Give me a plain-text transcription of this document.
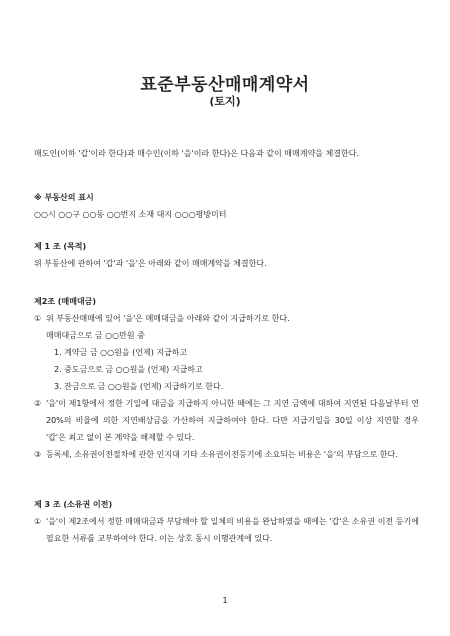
표준부동산매매계약서
(토지)
매도인(이하 '갑'이라 한다)과 매수인(이하 '을'이라 한다)은 다음과 같이 매매계약을 체결한다.
※ 부동산의 표시
○○시 ○○구 ○○동 ○○번지 소재 대지 ○○○평방미터
제 1 조 (목적)
위 부동산에 관하여 '갑'과 '을'은 아래와 같이 매매계약을 체결한다.
제2조 (매매대금)
① 위 부동산매매에 있어 '을'은 매매대금을 아래와 같이 지급하기로 한다.
매매대금으로 금 ○○만원 중
1. 계약금 금 ○○원을 (언제) 지급하고
2. 중도금으로 금 ○○원을 (언제) 지급하고
3. 잔금으로 금 ○○원을 (언제) 지급하기로 한다.
② '을'이 제1항에서 정한 기일에 대금을 지급하지 아니한 때에는 그 지연 금액에 대하여 지연된 다음날부터 연 20%의 비율에 의한 지연배상금을 가산하여 지급하여야 한다. 다만 지급기일을 30일 이상 지연할 경우 '갑'은 최고 없이 본 계약을 해제할 수 있다.
③ 등록세, 소유권이전절차에 관한 인지대 기타 소유권이전등기에 소요되는 비용은 '을'의 부담으로 한다.
제 3 조 (소유권 이전)
① '을'이 제2조에서 정한 매매대금과 부담해야 할 일체의 비용을 완납하였을 때에는 '갑'은 소유권 이전 등기에 필요한 서류를 교부하여야 한다. 이는 상호 동시 이행관계에 있다.
1
